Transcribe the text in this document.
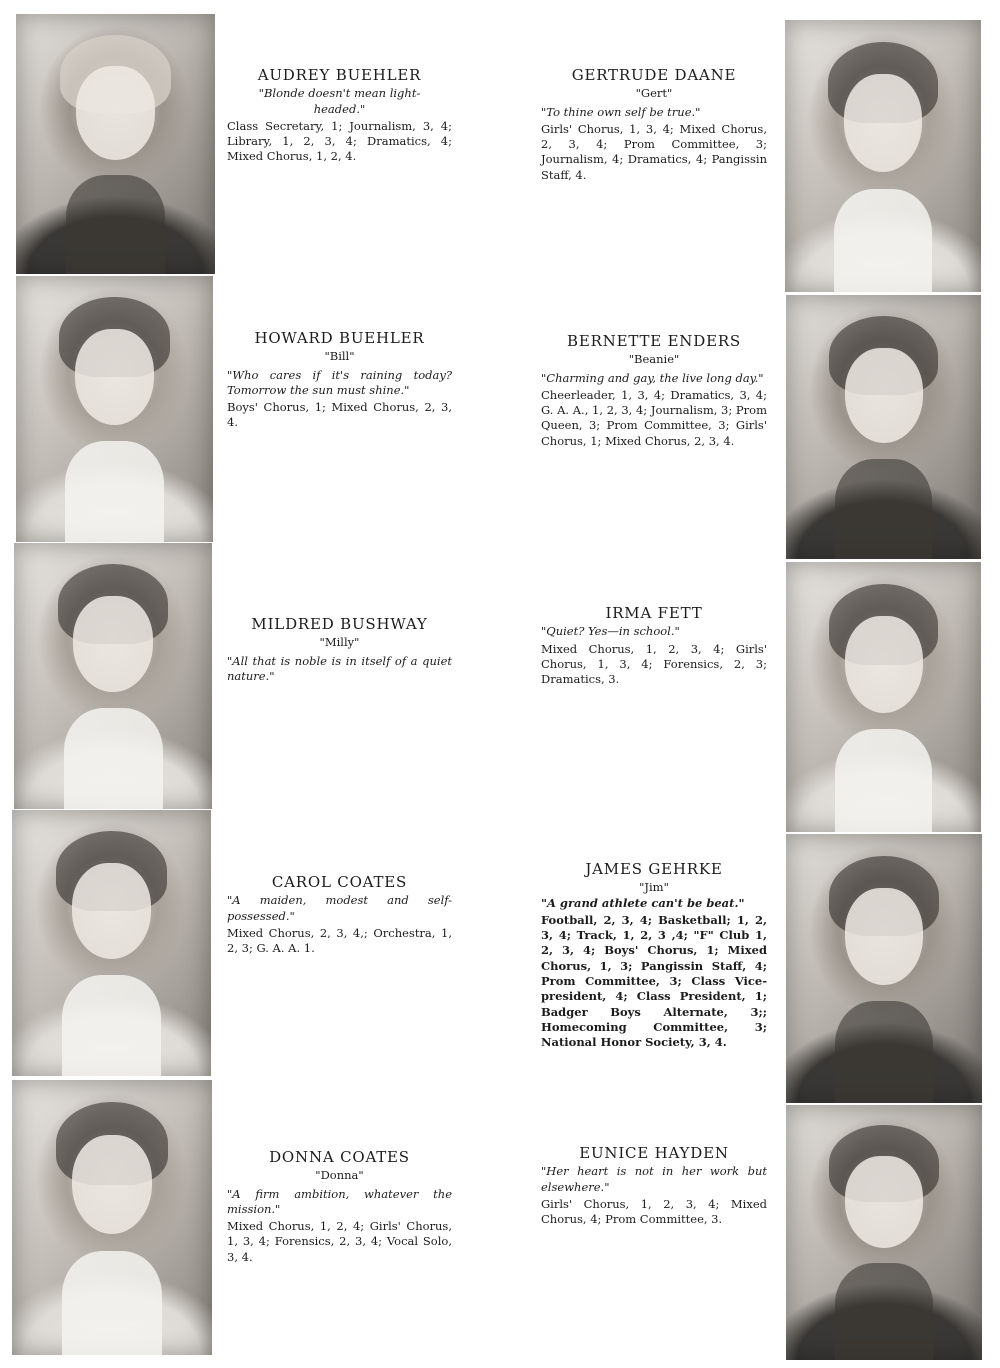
AUDREY BUEHLER
"Blonde doesn't mean light-headed."
Class Secretary, 1; Journalism, 3, 4; Library, 1, 2, 3, 4; Dramatics, 4; Mixed Chorus, 1, 2, 4.
HOWARD BUEHLER
"Bill"
"Who cares if it's raining today? Tomorrow the sun must shine."
Boys' Chorus, 1; Mixed Chorus, 2, 3, 4.
MILDRED BUSHWAY
"Milly"
"All that is noble is in itself of a quiet nature."
CAROL COATES
"A maiden, modest and self-possessed."
Mixed Chorus, 2, 3, 4,; Orchestra, 1, 2, 3; G. A. A. 1.
DONNA COATES
"Donna"
"A firm ambition, whatever the mission."
Mixed Chorus, 1, 2, 4; Girls' Chorus, 1, 3, 4; Forensics, 2, 3, 4; Vocal Solo, 3, 4.
GERTRUDE DAANE
"Gert"
"To thine own self be true."
Girls' Chorus, 1, 3, 4; Mixed Chorus, 2, 3, 4; Prom Committee, 3; Journalism, 4; Dramatics, 4; Pangissin Staff, 4.
BERNETTE ENDERS
"Beanie"
"Charming and gay, the live long day."
Cheerleader, 1, 3, 4; Dramatics, 3, 4; G. A. A., 1, 2, 3, 4; Journalism, 3; Prom Queen, 3; Prom Committee, 3; Girls' Chorus, 1; Mixed Chorus, 2, 3, 4.
IRMA FETT
"Quiet? Yes—in school."
Mixed Chorus, 1, 2, 3, 4; Girls' Chorus, 1, 3, 4; Forensics, 2, 3; Dramatics, 3.
JAMES GEHRKE
"Jim"
"A grand athlete can't be beat."
Football, 2, 3, 4; Basketball; 1, 2, 3, 4; Track, 1, 2, 3 ,4; "F" Club 1, 2, 3, 4; Boys' Chorus, 1; Mixed Chorus, 1, 3; Pangissin Staff, 4; Prom Committee, 3; Class Vice-president, 4; Class President, 1; Badger Boys Alternate, 3;; Homecoming Committee, 3; National Honor Society, 3, 4.
EUNICE HAYDEN
"Her heart is not in her work but elsewhere."
Girls' Chorus, 1, 2, 3, 4; Mixed Chorus, 4; Prom Committee, 3.
